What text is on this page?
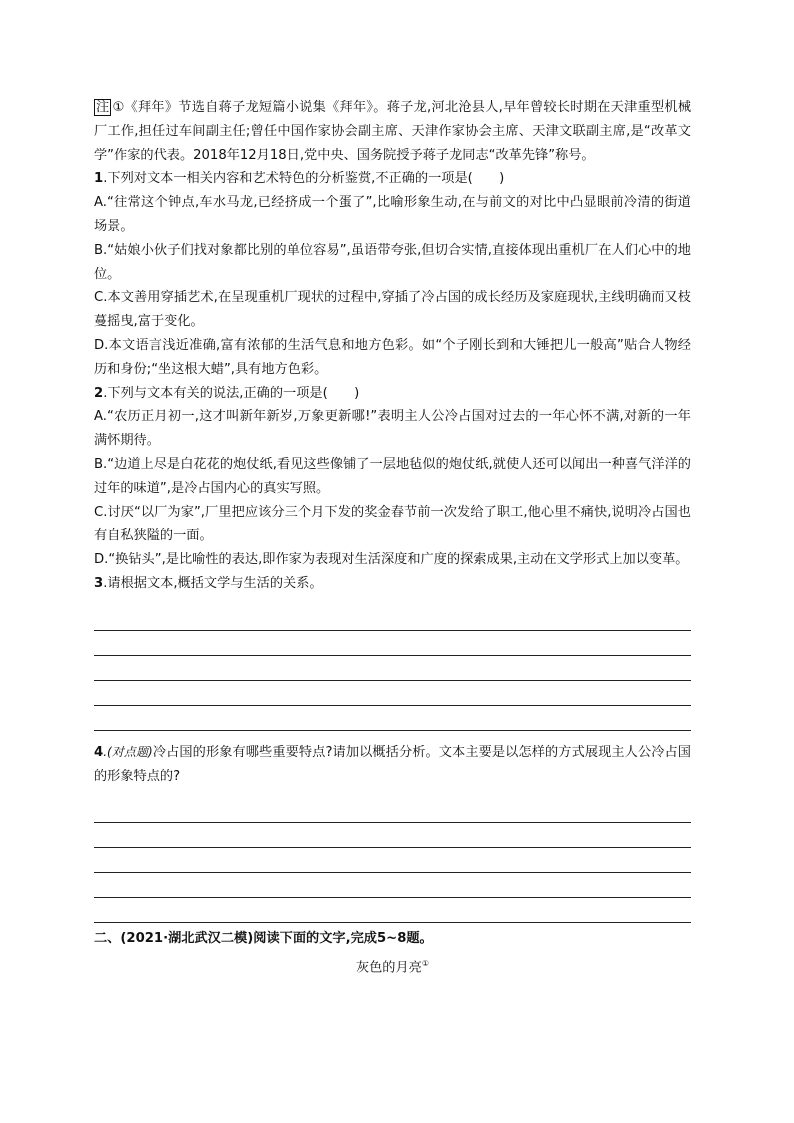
注 ①《拜年》节选自蒋子龙短篇小说集《拜年》。蒋子龙,河北沧县人,早年曾较长时期在天津重型机械厂工作,担任过车间副主任;曾任中国作家协会副主席、天津作家协会主席、天津文联副主席,是“改革文学”作家的代表。2018年12月18日,党中央、国务院授予蒋子龙同志“改革先锋”称号。

1.下列对文本一相关内容和艺术特色的分析鉴赏,不正确的一项是(　　)

A.“往常这个钟点,车水马龙,已经挤成一个蛋了”,比喻形象生动,在与前文的对比中凸显眼前冷清的街道场景。

B.“姑娘小伙子们找对象都比别的单位容易”,虽语带夸张,但切合实情,直接体现出重机厂在人们心中的地位。

C.本文善用穿插艺术,在呈现重机厂现状的过程中,穿插了冷占国的成长经历及家庭现状,主线明确而又枝蔓摇曳,富于变化。

D.本文语言浅近准确,富有浓郁的生活气息和地方色彩。如“个子刚长到和大锤把儿一般高”贴合人物经历和身份;“坐这根大蜡”,具有地方色彩。

2.下列与文本有关的说法,正确的一项是(　　)

A.“农历正月初一,这才叫新年新岁,万象更新哪!”表明主人公冷占国对过去的一年心怀不满,对新的一年满怀期待。

B.“边道上尽是白花花的炮仗纸,看见这些像铺了一层地毡似的炮仗纸,就使人还可以闻出一种喜气洋洋的过年的味道”,是冷占国内心的真实写照。

C.讨厌“以厂为家”,厂里把应该分三个月下发的奖金春节前一次发给了职工,他心里不痛快,说明冷占国也有自私狭隘的一面。

D.“换钻头”,是比喻性的表达,即作家为表现对生活深度和广度的探索成果,主动在文学形式上加以变革。

3.请根据文本,概括文学与生活的关系。

4.(对点题)冷占国的形象有哪些重要特点?请加以概括分析。文本主要是以怎样的方式展现主人公冷占国的形象特点的?

二、(2021·湖北武汉二模)阅读下面的文字,完成5~8题。

灰色的月亮①
